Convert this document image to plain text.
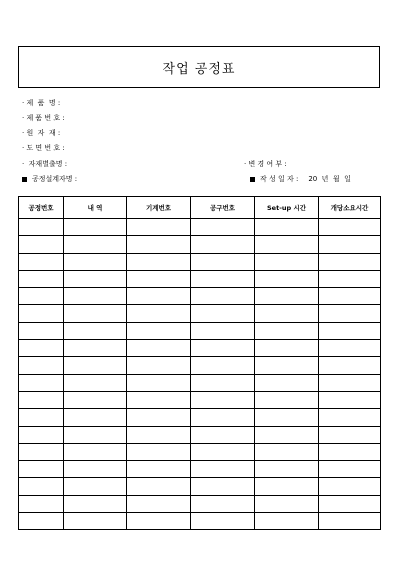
작업 공정표
· 제  품  명 :
· 제 품 번 호 :
· 원  자  재 :
· 도 면 번 호 :
·  자재별출명 :
공정설계자명 :
· 변 경 여 부 :
작 성 일 자 : 20  년  월  일
공정번호	내 역	기계번호	공구번호	Set-up 시간	개당소요시간
